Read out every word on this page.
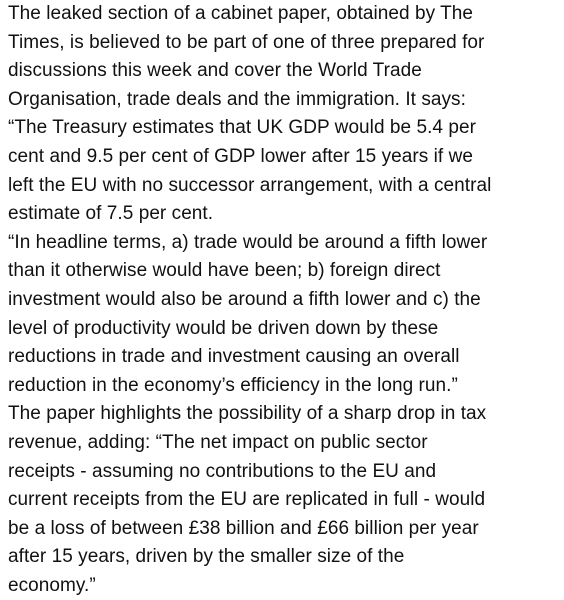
The leaked section of a cabinet paper, obtained by The
Times, is believed to be part of one of three prepared for
discussions this week and cover the World Trade
Organisation, trade deals and the immigration. It says:
“The Treasury estimates that UK GDP would be 5.4 per
cent and 9.5 per cent of GDP lower after 15 years if we
left the EU with no successor arrangement, with a central
estimate of 7.5 per cent.
“In headline terms, a) trade would be around a fifth lower
than it otherwise would have been; b) foreign direct
investment would also be around a fifth lower and c) the
level of productivity would be driven down by these
reductions in trade and investment causing an overall
reduction in the economy’s efficiency in the long run.”
The paper highlights the possibility of a sharp drop in tax
revenue, adding: “The net impact on public sector
receipts - assuming no contributions to the EU and
current receipts from the EU are replicated in full - would
be a loss of between £38 billion and £66 billion per year
after 15 years, driven by the smaller size of the
economy.”
